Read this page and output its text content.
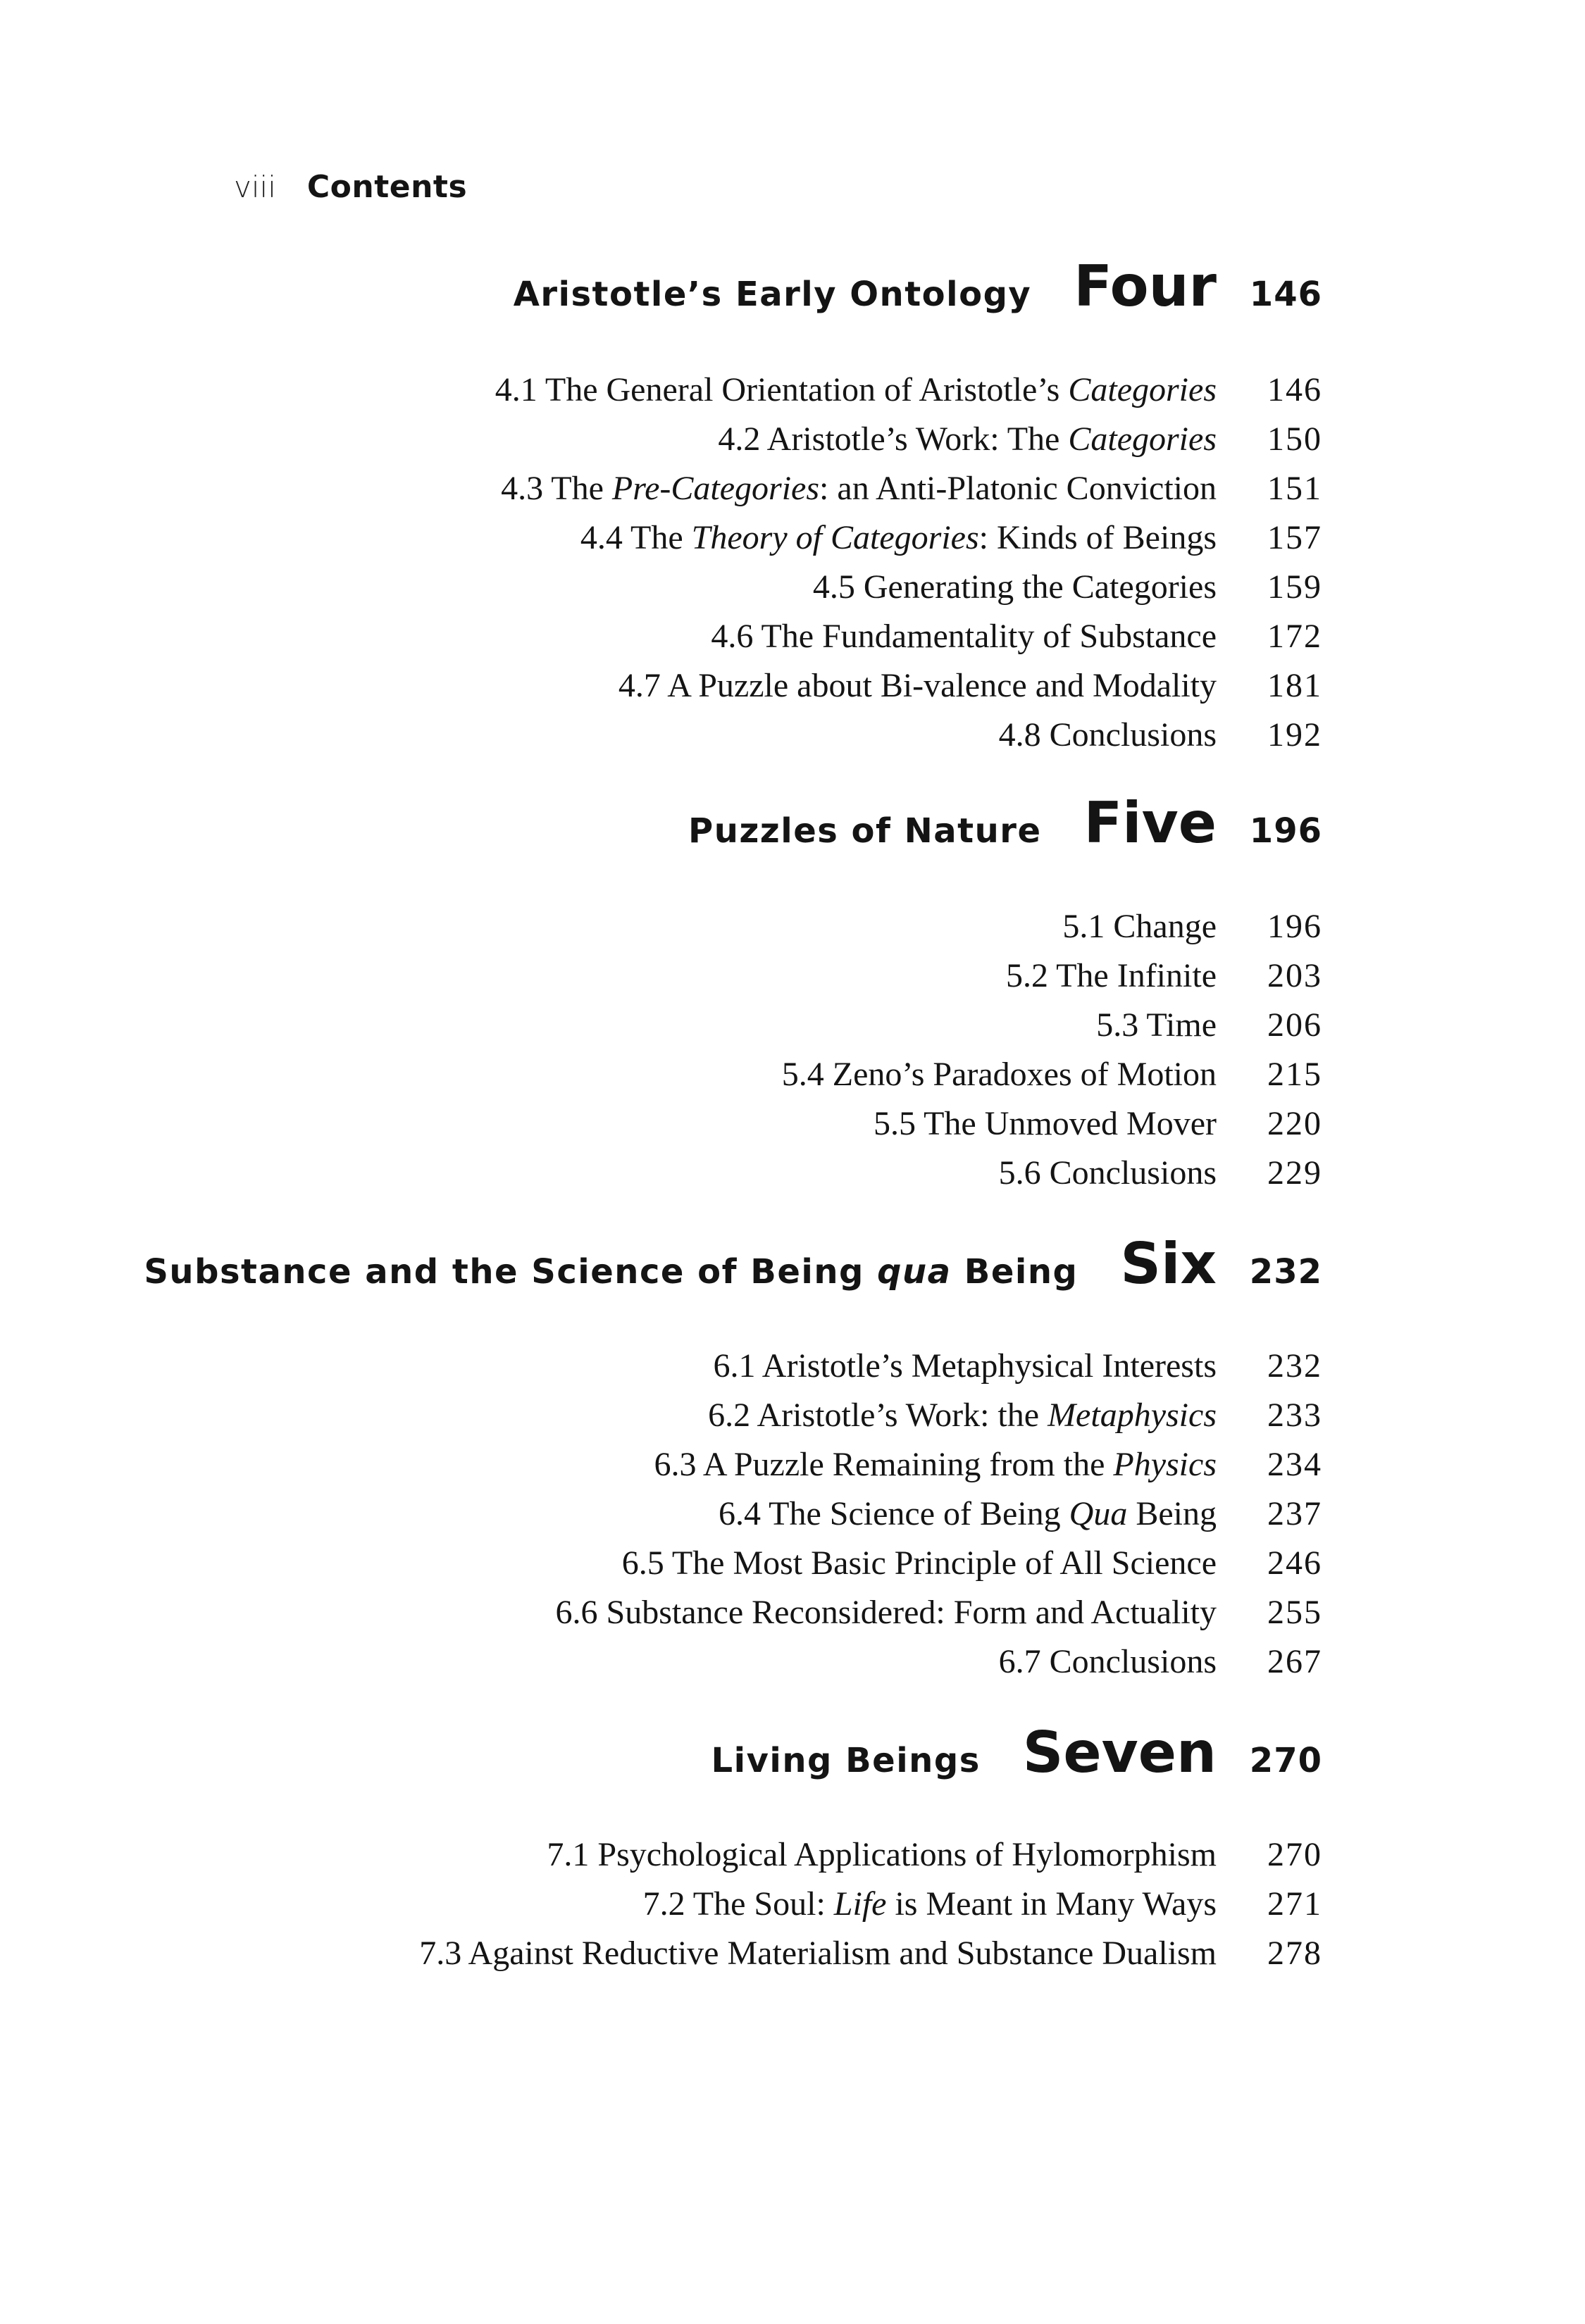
viii Contents
Aristotle’s Early Ontology Four 146
4.1 The General Orientation of Aristotle’s Categories	146
4.2 Aristotle’s Work: The Categories	150
4.3 The Pre-Categories: an Anti-Platonic Conviction	151
4.4 The Theory of Categories: Kinds of Beings	157
4.5 Generating the Categories	159
4.6 The Fundamentality of Substance	172
4.7 A Puzzle about Bi-valence and Modality	181
4.8 Conclusions	192
Puzzles of Nature Five 196
5.1 Change	196
5.2 The Infinite	203
5.3 Time	206
5.4 Zeno’s Paradoxes of Motion	215
5.5 The Unmoved Mover	220
5.6 Conclusions	229
Substance and the Science of Being qua Being Six 232
6.1 Aristotle’s Metaphysical Interests	232
6.2 Aristotle’s Work: the Metaphysics	233
6.3 A Puzzle Remaining from the Physics	234
6.4 The Science of Being Qua Being	237
6.5 The Most Basic Principle of All Science	246
6.6 Substance Reconsidered: Form and Actuality	255
6.7 Conclusions	267
Living Beings Seven 270
7.1 Psychological Applications of Hylomorphism	270
7.2 The Soul: Life is Meant in Many Ways	271
7.3 Against Reductive Materialism and Substance Dualism	278
